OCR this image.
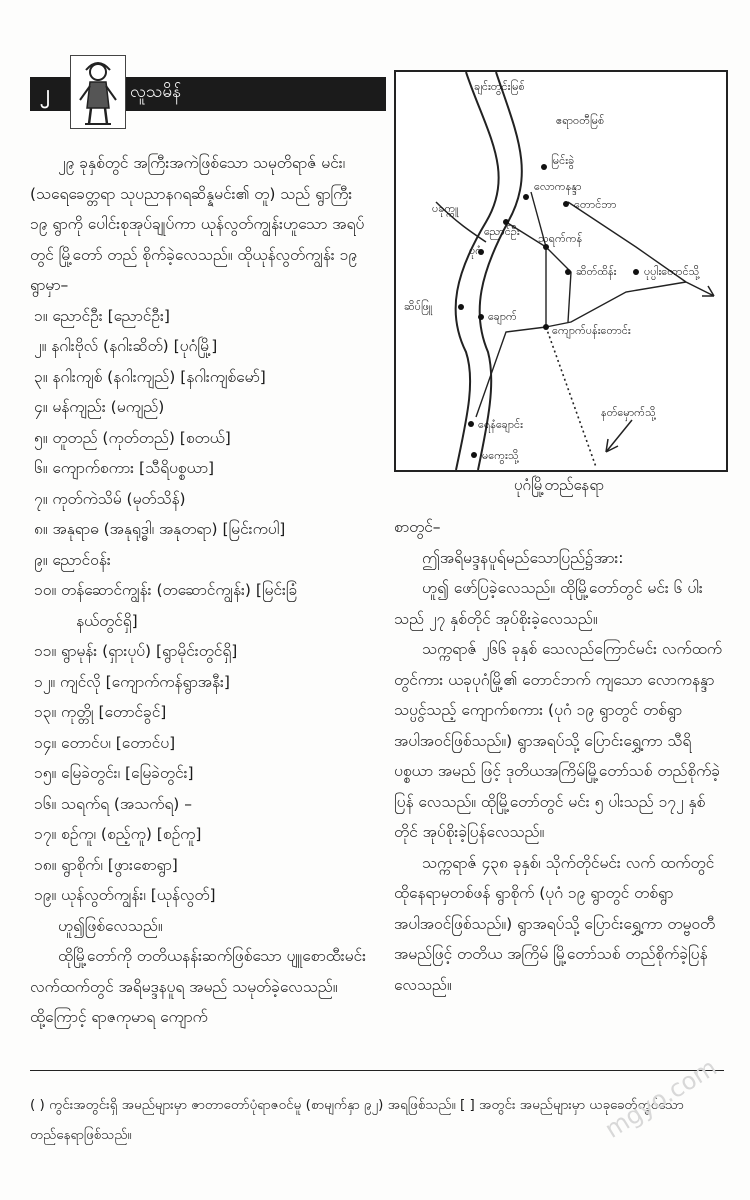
၂	လူသမိန်

၂၉ ခုနှစ်တွင် အကြီးအကဲဖြစ်သော သမုတိရာဇ် မင်း၊ (သရေခေတ္တရာ သုပညာနဂရဆိန္နမင်း၏ တူ) သည် ရွာကြီး ၁၉ ရွာကို ပေါင်းစုအုပ်ချုပ်ကာ ယုန်လွတ်ကျွန်းဟူသော အရပ်တွင် မြို့တော် တည် စိုက်ခဲ့လေသည်။ ထိုယုန်လွတ်ကျွန်း ၁၉ ရွာမှာ–

၁။ ညောင်ဦး [ညောင်ဦး]
၂။ နဂါးဗိုလ် (နဂါးဆိတ်) [ပုဂံမြို့]
၃။ နဂါးကျစ် (နဂါးကျည်) [နဂါးကျစ်မော်]
၄။ မန်ကျည်း (မကျည်)
၅။ တူတည် (ကုတ်တည်) [စတယ်]
၆။ ကျောက်စကား [သီရိပစ္စယာ]
၇။ ကုတ်ကဲသိမ် (မုတ်သိန်)
၈။ အနုရာဓ (အနုရုဒ္ဓါ၊ အနုတရာ) [မြင်းကပါ]
၉။ ညောင်ဝန်း
၁၀။ တန်ဆောင်ကျွန်း (တဆောင်ကျွန်း) [မြင်းခြံ
နယ်တွင်ရှိ]
၁၁။ ရွာမုန်း (ရှားပုပ်) [ရွာမိုင်းတွင်ရှိ]
၁၂။ ကျင်လို [ကျောက်ကန်ရွာအနီး]
၁၃။ ကုတ္တို [တောင်ခွင်]
၁၄။ တောင်ပ၊ [တောင်ပ]
၁၅။ မြေခဲတွင်း၊ [မြေခဲတွင်း]
၁၆။ သရက်ရ (အသက်ရ) –
၁၇။ စဉ်ကူ၊ (စည့်ကူ) [စဉ်ကူ]
၁၈။ ရွာစိုက်၊ [ဖွားစောရွာ]
၁၉။ ယုန်လွတ်ကျွန်း၊ [ယုန်လွတ်]

ဟူ၍ဖြစ်လေသည်။

ထိုမြို့တော်ကို တတိယနန်းဆက်ဖြစ်သော ပျူစောထီးမင်းလက်ထက်တွင် အရိမဒ္ဒနပူရ အမည် သမုတ်ခဲ့လေသည်။ ထို့ကြောင့် ရာဇကုမာရ ကျောက်

ချင်းတွင်းမြစ်
ဧရာဝတီမြစ်
မြင်းခွဲ
ပခုက္ကူ
လောကနန္ဒာ
တောင်ဘာ
ညောင်ဦး
သရက်ကန်
ပုဂံ
ဆိတ်ထိန်း	ပုပ္ပါးတောင်သို့
ဆိပ်ဖြူ
ချောက်
ကျောက်ပန်းတောင်း
ရေနံချောင်း
နတ်မှောက်သို့
မကွေးသို့
ပုဂံမြို့တည်နေရာ

စာတွင်–

ဤအရိမဒ္ဒနပူရ်မည်သောပြည်၌အား:

ဟူ၍ ဖော်ပြခဲ့လေသည်။ ထိုမြို့တော်တွင် မင်း ၆ ပါးသည် ၂၇ နှစ်တိုင် အုပ်စိုးခဲ့လေသည်။

သက္ကရာဇ် ၂၆၆ ခုနှစ် သေလည်ကြောင်မင်း လက်ထက်တွင်ကား ယခုပုဂံမြို့၏ တောင်ဘက် ကျသော လောကနန္ဒာသပ္ပွင်သည့် ကျောက်စကား (ပုဂံ ၁၉ ရွာတွင် တစ်ရွာအပါအဝင်ဖြစ်သည်။) ရွာအရပ်သို့ ပြောင်းရွှေ့ကာ သီရိပစ္စယာ အမည် ဖြင့် ဒုတိယအကြိမ်မြို့တော်သစ် တည်စိုက်ခဲ့ပြန် လေသည်။ ထိုမြို့တော်တွင် မင်း ၅ ပါးသည် ၁၇၂ နှစ်တိုင် အုပ်စိုးခဲ့ပြန်လေသည်။

သက္ကရာဇ် ၄၃၈ ခုနှစ်၊ သိုက်တိုင်မင်း လက် ထက်တွင် ထိုနေရာမှတစ်ဖန် ရွာစိုက် (ပုဂံ ၁၉ ရွာတွင် တစ်ရွာအပါအဝင်ဖြစ်သည်။) ရွာအရပ်သို့ ပြောင်းရွှေ့ကာ တမ္ဗဝတီ အမည်ဖြင့် တတိယ အကြိမ် မြို့တော်သစ် တည်စိုက်ခဲ့ပြန်လေသည်။

( ) ကွင်းအတွင်းရှိ အမည်များမှာ ဇာတာတော်ပုံရာဇဝင်မူ (စာမျက်နှာ ၉၂) အရဖြစ်သည်။ [ ] အတွင်း အမည်များမှာ ယခုခေတ်တွင်သော တည်နေရာဖြစ်သည်။	mgyo.com
